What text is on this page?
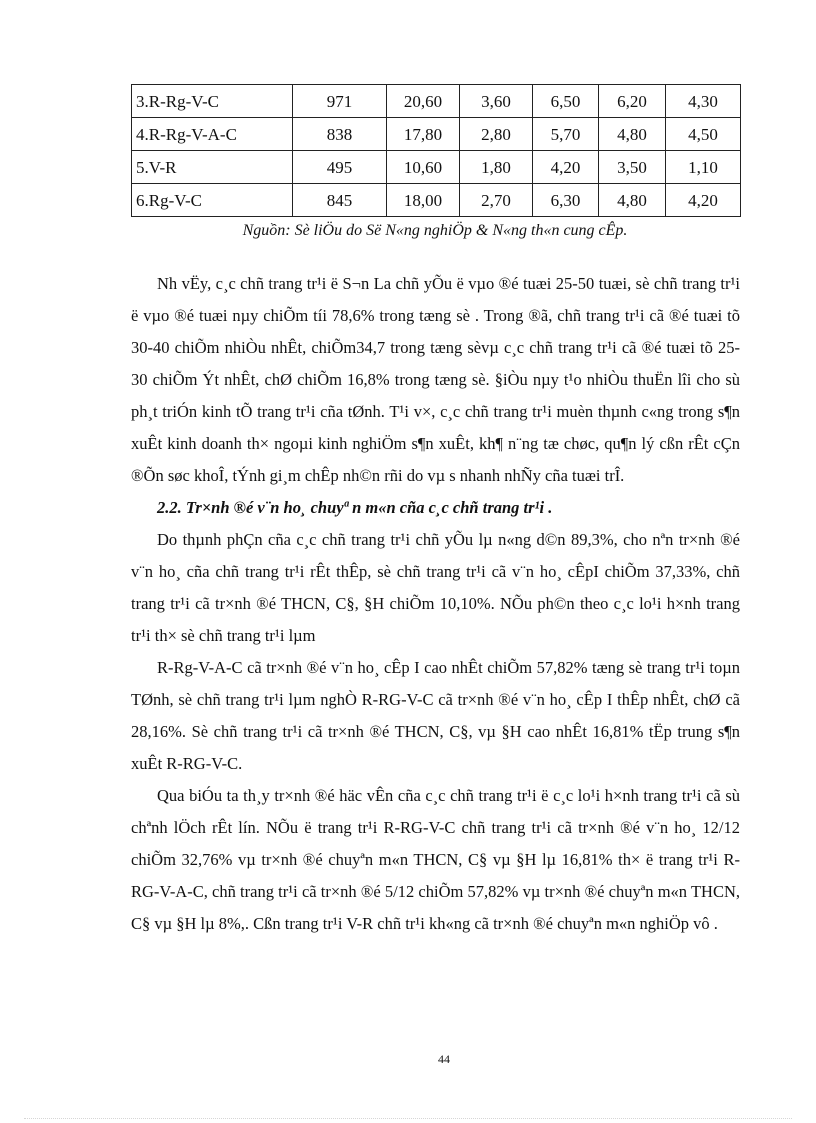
3.R-Rg-V-C	971	20,60	3,60	6,50	6,20	4,30
4.R-Rg-V-A-C	838	17,80	2,80	5,70	4,80	4,50
5.V-R	495	10,60	1,80	4,20	3,50	1,10
6.Rg-V-C	845	18,00	2,70	6,30	4,80	4,20
Nguồn: Sè liÖu do Së N«ng nghiÖp & N«ng th«n cung cÊp.

Nh vËy, c¸c chñ trang tr¹i ë S¬n La chñ yÕu ë vµo ®é tuæi 25-50 tuæi, sè chñ trang tr¹i ë vµo ®é tuæi nµy chiÕm tíi 78,6% trong tæng sè . Trong ®ã, chñ trang tr¹i cã ®é tuæi tõ 30-40 chiÕm nhiÒu nhÊt, chiÕm34,7 trong tæng sèvµ c¸c chñ trang tr¹i cã ®é tuæi tõ 25-30 chiÕm Ýt nhÊt, chØ chiÕm 16,8% trong tæng sè. §iÒu nµy t¹o nhiÒu thuËn lîi cho sù ph¸t triÓn kinh tÕ trang tr¹i cña tØnh. T¹i v×, c¸c chñ trang tr¹i muèn thµnh c«ng trong s¶n xuÊt kinh doanh th× ngoµi kinh nghiÖm s¶n xuÊt, kh¶ n¨ng tæ chøc, qu¶n lý cßn rÊt cÇn ®Õn søc khoÎ, tÝnh gi¸m chÊp nh©n rñi do vµ s nhanh nhÑy cña tuæi trÎ.

2.2. Tr×nh ®é v¨n ho¸ chuyª n m«n cña c¸c chñ trang tr¹i .

Do thµnh phÇn cña c¸c chñ trang tr¹i chñ yÕu lµ n«ng d©n 89,3%, cho nªn tr×nh ®é v¨n ho¸ cña chñ trang tr¹i rÊt thÊp, sè chñ trang tr¹i cã v¨n ho¸ cÊpI chiÕm 37,33%, chñ trang tr¹i cã tr×nh ®é THCN, C§, §H chiÕm 10,10%. NÕu ph©n theo c¸c lo¹i h×nh trang tr¹i th× sè chñ trang tr¹i lµm

R-Rg-V-A-C cã tr×nh ®é v¨n ho¸ cÊp I cao nhÊt chiÕm 57,82% tæng sè trang tr¹i toµn TØnh, sè chñ trang tr¹i lµm nghÒ R-RG-V-C cã tr×nh ®é v¨n ho¸ cÊp I thÊp nhÊt, chØ cã 28,16%. Sè chñ trang tr¹i cã tr×nh ®é THCN, C§, vµ §H cao nhÊt 16,81% tËp trung s¶n xuÊt R-RG-V-C.

Qua biÓu ta th¸y tr×nh ®é häc vÊn cña c¸c chñ trang tr¹i ë c¸c lo¹i h×nh trang tr¹i cã sù chªnh lÖch rÊt lín. NÕu ë trang tr¹i R-RG-V-C chñ trang tr¹i cã tr×nh ®é v¨n ho¸ 12/12 chiÕm 32,76% vµ tr×nh ®é chuyªn m«n THCN, C§ vµ §H lµ 16,81% th× ë trang tr¹i R-RG-V-A-C, chñ trang tr¹i cã tr×nh ®é 5/12 chiÕm 57,82% vµ tr×nh ®é chuyªn m«n THCN, C§ vµ §H lµ 8%,. Cßn trang tr¹i V-R chñ tr¹i kh«ng cã tr×nh ®é chuyªn m«n nghiÖp vô .

44
